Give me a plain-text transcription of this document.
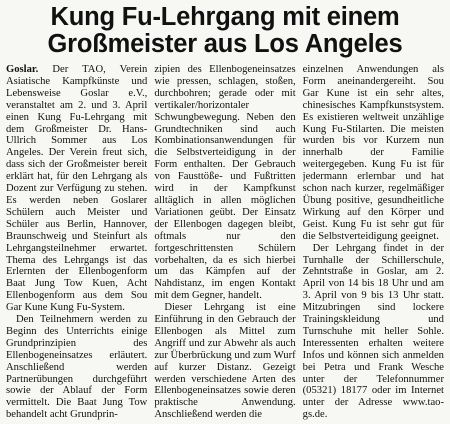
Kung Fu-Lehrgang mit einem
Großmeister aus Los Angeles

Goslar. Der TAO, Verein Asiatische Kampfkünste und Lebensweise Goslar e.V., veranstaltet am 2. und 3. April einen Kung Fu-Lehrgang mit dem Großmeister Dr. Hans-Ullrich Sommer aus Los Angeles. Der Verein freut sich, dass sich der Großmeister bereit erklärt hat, für den Lehrgang als Dozent zur Verfügung zu stehen. Es werden neben Goslarer Schülern auch Meister und Schüler aus Berlin, Hannover, Braunschweig und Steinfurt als Lehrgangsteilnehmer erwartet. Thema des Lehrgangs ist das Erlernten der Ellenbogenform Baat Jung Tow Kuen, Acht Ellenbogenform aus dem Sou Gar Kune Kung Fu-System.

Den Teilnehmern werden zu Beginn des Unterrichts einige Grundprinzipien des Ellenbogeneinsatzes erläutert. Anschließend werden Partnerübungen durchgeführt sowie der Ablauf der Form vermittelt. Die Baat Jung Tow behandelt acht Grundprin-

zipien des Ellenbogeneinsatzes wie pressen, schlagen, stoßen, durchbohren; gerade oder mit vertikaler/horizontaler Schwungbewegung. Neben den Grundtechniken sind auch Kombinationsanwendungen für die Selbstverteidigung in der Form enthalten. Der Gebrauch von Fausttöße- und Fußtritten wird in der Kampfkunst alltäglich in allen möglichen Variationen geübt. Der Einsatz der Ellenbogen dagegen bleibt, oftmals nur den fortgeschrittensten Schülern vorbehalten, da es sich hierbei um das Kämpfen auf der Nahdistanz, im engen Kontakt mit dem Gegner, handelt.

Dieser Lehrgang ist eine Einführung in den Gebrauch der Ellenbogen als Mittel zum Angriff und zur Abwehr als auch zur Überbrückung und zum Wurf auf kurzer Distanz. Gezeigt werden verschiedene Arten des Ellenbogeneinsatzes sowie deren praktische Anwendung. Anschließend werden die

einzelnen Anwendungen als Form aneinandergereiht. Sou Gar Kune ist ein sehr altes, chinesisches Kampfkunstsystem. Es existieren weltweit unzählige Kung Fu-Stilarten. Die meisten wurden bis vor Kurzem nun innerhalb der Familie weitergegeben. Kung Fu ist für jedermann erlernbar und hat schon nach kurzer, regelmäßiger Übung positive, gesundheitliche Wirkung auf den Körper und Geist. Kung Fu ist sehr gut für die Selbstverteidigung geeignet.

Der Lehrgang findet in der Turnhalle der Schillerschule, Zehntstraße in Goslar, am 2. April von 14 bis 18 Uhr und am 3. April von 9 bis 13 Uhr statt. Mitzubringen sind lockere Trainingskleidung und Turnschuhe mit heller Sohle. Interessenten erhalten weitere Infos und können sich anmelden bei Petra und Frank Wesche unter der Telefonnummer (05321) 18177 oder im Internet unter der Adresse www.tao-gs.de.
